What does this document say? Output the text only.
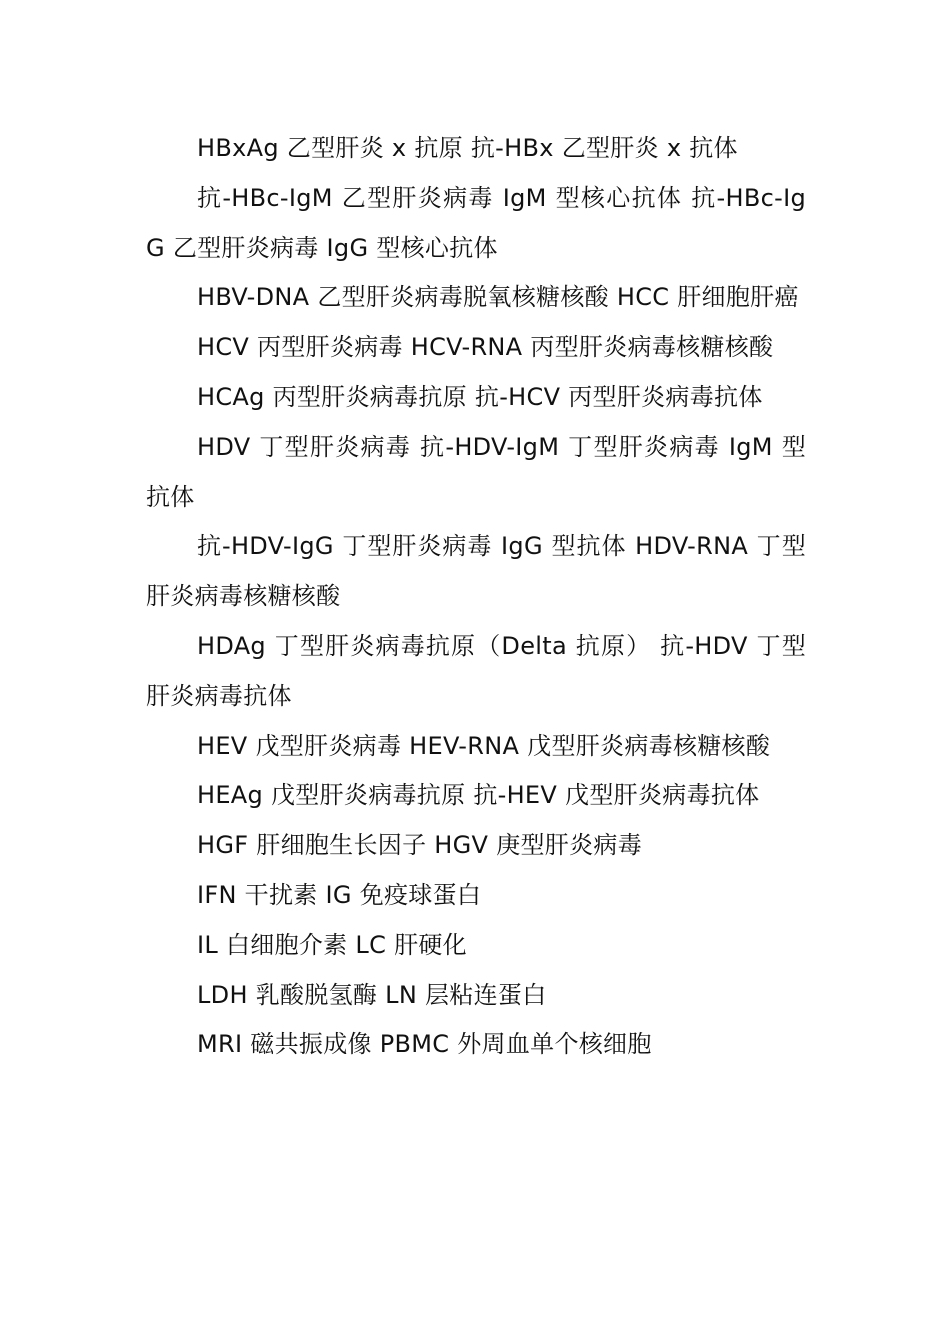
HBxAg 乙型肝炎 x 抗原 抗-HBx 乙型肝炎 x 抗体

抗-HBc-IgM 乙型肝炎病毒 IgM 型核心抗体 抗-HBc-IgG 乙型肝炎病毒 IgG 型核心抗体

HBV-DNA 乙型肝炎病毒脱氧核糖核酸 HCC 肝细胞肝癌

HCV 丙型肝炎病毒 HCV-RNA 丙型肝炎病毒核糖核酸

HCAg 丙型肝炎病毒抗原 抗-HCV 丙型肝炎病毒抗体

HDV 丁型肝炎病毒 抗-HDV-IgM 丁型肝炎病毒 IgM 型抗体

抗-HDV-IgG 丁型肝炎病毒 IgG 型抗体 HDV-RNA 丁型肝炎病毒核糖核酸

HDAg 丁型肝炎病毒抗原（Delta 抗原） 抗-HDV 丁型肝炎病毒抗体

HEV 戊型肝炎病毒 HEV-RNA 戊型肝炎病毒核糖核酸

HEAg 戊型肝炎病毒抗原 抗-HEV 戊型肝炎病毒抗体

HGF 肝细胞生长因子 HGV 庚型肝炎病毒

IFN 干扰素 IG 免疫球蛋白

IL 白细胞介素 LC 肝硬化

LDH 乳酸脱氢酶 LN 层粘连蛋白

MRI 磁共振成像 PBMC 外周血单个核细胞
